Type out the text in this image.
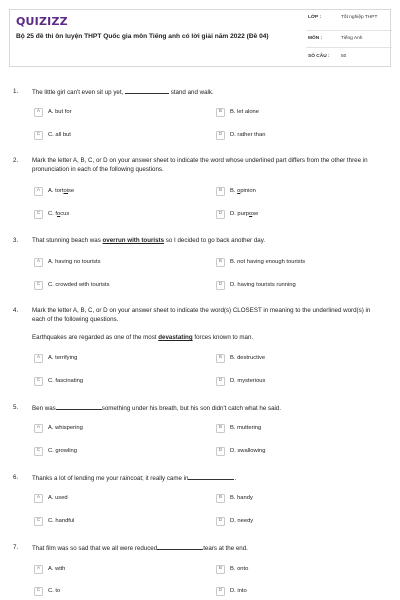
QUIZIZZ
Bộ 25 đề thi ôn luyện THPT Quốc gia môn Tiếng anh có lời giải năm 2022 (Đề 04)
LỚP :	Tốt nghiệp THPT
MÔN :	Tiếng Anh
SỐ CÂU : 50
1. The little girl can't even sit up yet,	stand and walk.
A	A. but for	B	B. let alone
C	C. all but	D	D. rather than
2. Mark the letter A, B, C, or D on your answer sheet to indicate the word whose underlined part differs from the other three in pronunciation in each of the following questions.
A	A. tortoise	B	B. opinion
C	C. focus	D	D. purpose
3. That stunning beach was overrun with tourists so I decided to go back another day.
A	A. having no tourists	B	B. not having enough tourists
C	C. crowded with tourists	D	D. having tourists running
4. Mark the letter A, B, C, or D on your answer sheet to indicate the word(s) CLOSEST in meaning to the underlined word(s) in each of the following questions.
Earthquakes are regarded as one of the most devastating forces known to man.
A	A. terrifying	B	B. destructive
C	C. fascinating	D	D. mysterious
5. Ben was	something under his breath, but his son didn't catch what he said.
A	A. whispering	B	B. muttering
C	C. growling	D	D. swallowing
6. Thanks a lot of lending me your raincoat; it really came in	.
A	A. used	B	B. handy
C	C. handful	D	D. needy
7. That film was so sad that we all were reduced	tears at the end.
A	A. with	B	B. onto
C	C. to	D	D. into
